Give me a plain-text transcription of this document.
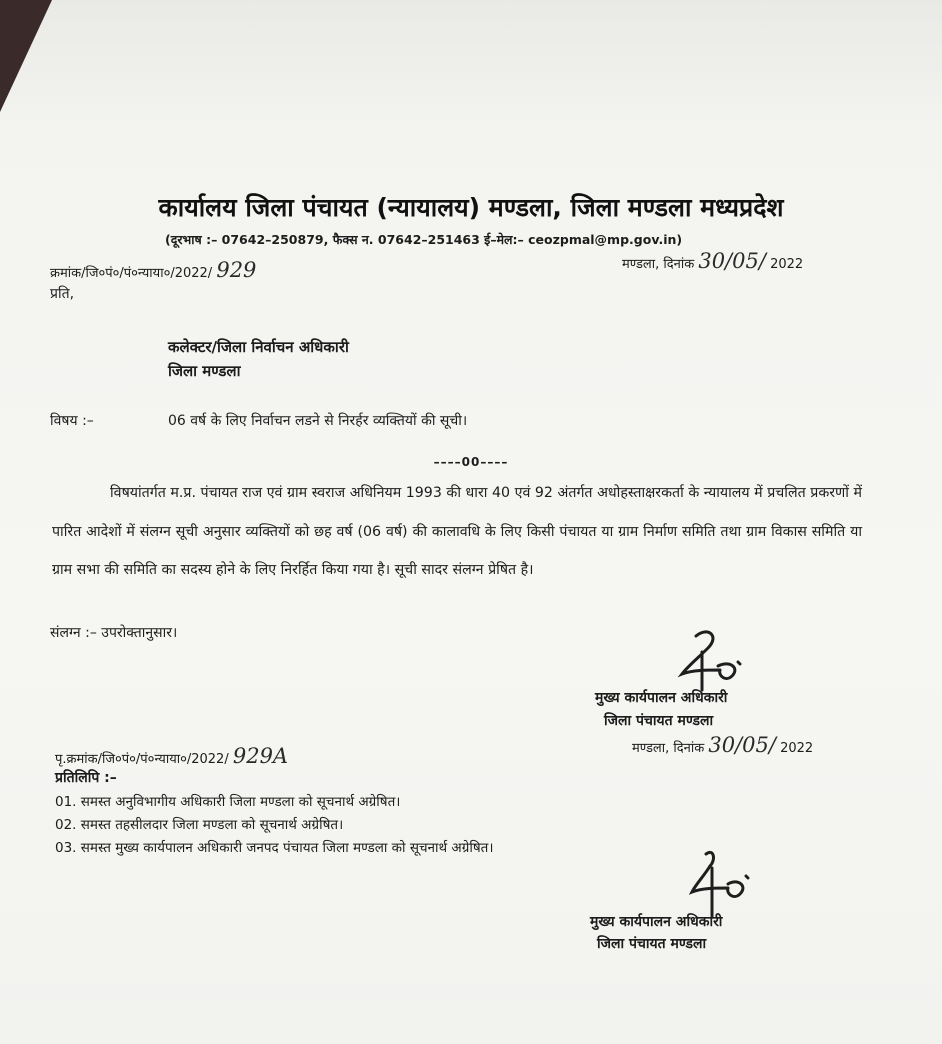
कार्यालय जिला पंचायत (न्यायालय) मण्डला, जिला मण्डला मध्यप्रदेश
(दूरभाष :– 07642–250879, फैक्स न. 07642–251463 ई–मेल:– ceozpmal@mp.gov.in)
क्रमांक/जि०पं०/पं०न्याया०/2022/ 929	मण्डला, दिनांक 30/05/ 2022
प्रति,
कलेक्टर/जिला निर्वाचन अधिकारी
जिला मण्डला
विषय :–	06 वर्ष के लिए निर्वाचन लडने से निरर्हर व्यक्तियों की सूची।
––––00––––
विषयांतर्गत म.प्र. पंचायत राज एवं ग्राम स्वराज अधिनियम 1993 की धारा 40 एवं 92 अंतर्गत अधोहस्ताक्षरकर्ता के न्यायालय में प्रचलित प्रकरणों में पारित आदेशों में संलग्न सूची अनुसार व्यक्तियों को छह वर्ष (06 वर्ष) की कालावधि के लिए किसी पंचायत या ग्राम निर्माण समिति तथा ग्राम विकास समिति या ग्राम सभा की समिति का सदस्य होने के लिए निरर्हित किया गया है। सूची सादर संलग्न प्रेषित है।
संलग्न :– उपरोक्तानुसार।
मुख्य कार्यपालन अधिकारी
जिला पंचायत मण्डला
मण्डला, दिनांक 30/05/ 2022
पृ.क्रमांक/जि०पं०/पं०न्याया०/2022/ 929A
प्रतिलिपि :–
01. समस्त अनुविभागीय अधिकारी जिला मण्डला को सूचनार्थ अग्रेषित।
02. समस्त तहसीलदार जिला मण्डला को सूचनार्थ अग्रेषित।
03. समस्त मुख्य कार्यपालन अधिकारी जनपद पंचायत जिला मण्डला को सूचनार्थ अग्रेषित।
मुख्य कार्यपालन अधिकारी
जिला पंचायत मण्डला
